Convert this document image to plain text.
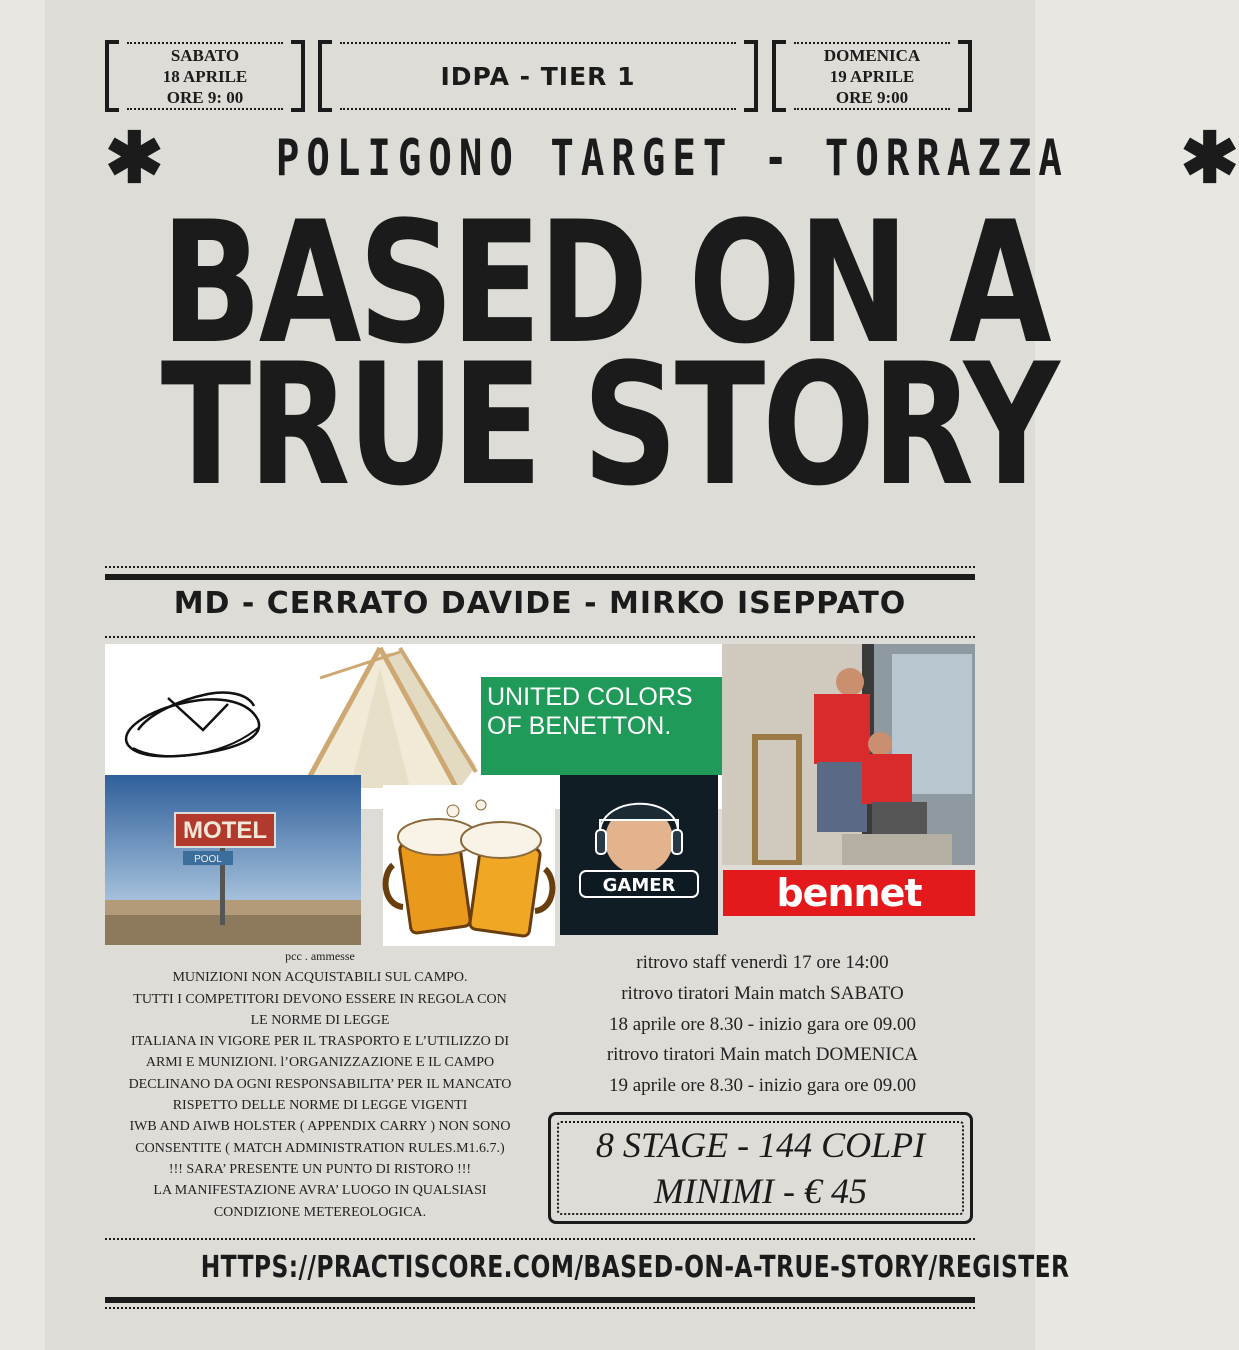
SABATO
18 APRILE
ORE 9: 00
IDPA - TIER 1
DOMENICA
19 APRILE
ORE 9:00
✱ POLIGONO TARGET - TORRAZZA ✱
BASED ON A
TRUE STORY
MD - CERRATO DAVIDE - MIRKO ISEPPATO
UNITED COLORS
OF BENETTON.
MOTEL
POOL
GAMER	bennet
pcc . ammesse
MUNIZIONI NON ACQUISTABILI SUL CAMPO.
TUTTI I COMPETITORI DEVONO ESSERE IN REGOLA CON
LE NORME DI LEGGE
ITALIANA IN VIGORE PER IL TRASPORTO E L’UTILIZZO DI
ARMI E MUNIZIONI. l’ORGANIZZAZIONE E IL CAMPO
DECLINANO DA OGNI RESPONSABILITA’ PER IL MANCATO
RISPETTO DELLE NORME DI LEGGE VIGENTI
IWB AND AIWB HOLSTER ( APPENDIX CARRY ) NON SONO
CONSENTITE ( MATCH ADMINISTRATION RULES.M1.6.7.)
!!! SARA’ PRESENTE UN PUNTO DI RISTORO !!!
LA MANIFESTAZIONE AVRA’ LUOGO IN QUALSIASI
CONDIZIONE METEREOLOGICA.
ritrovo staff venerdì 17 ore 14:00
ritrovo tiratori Main match SABATO
18 aprile ore 8.30 - inizio gara ore 09.00
ritrovo tiratori Main match DOMENICA
19 aprile ore 8.30 - inizio gara ore 09.00
8 STAGE - 144 COLPI
MINIMI - € 45
HTTPS://PRACTISCORE.COM/BASED-ON-A-TRUE-STORY/REGISTER
